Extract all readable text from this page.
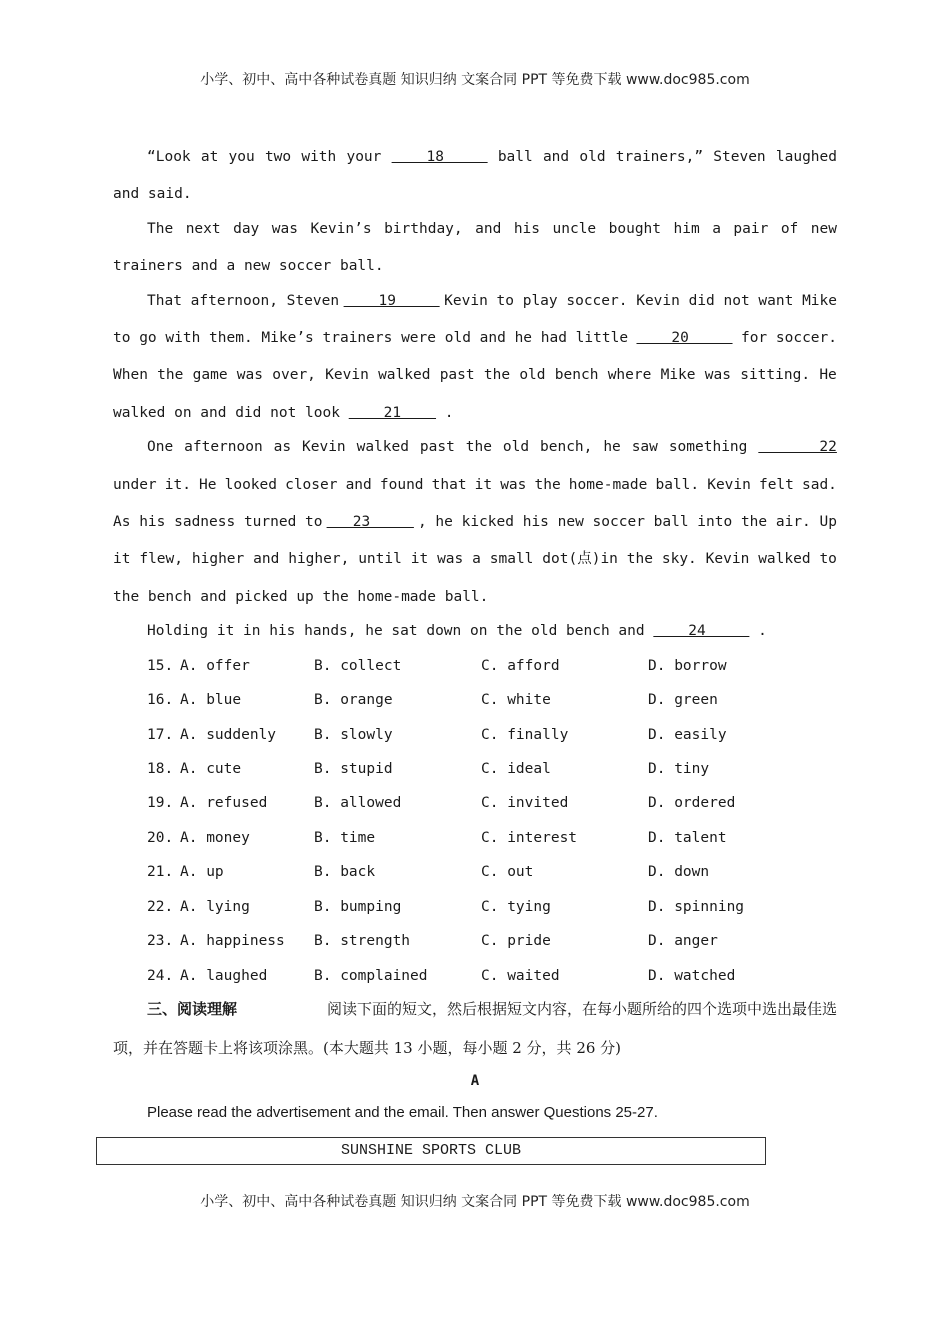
小学、初中、高中各种试卷真题 知识归纳 文案合同 PPT 等免费下载 www.doc985.com
“Look at you two with your 18 ball and old trainers,” Steven laughed
and said.
The next day was Kevin’s birthday, and his uncle bought him a pair of new
trainers and a new soccer ball.
That afternoon, Steven 19 Kevin to play soccer. Kevin did not want Mike
to go with them. Mike’s trainers were old and he had little 20 for soccer.
When the game was over, Kevin walked past the old bench where Mike was sitting. He
walked on and did not look     21     .
One afternoon as Kevin walked past the old bench, he saw something 22
under it. He looked closer and found that it was the home-made ball. Kevin felt sad.
As his sadness turned to 23 , he kicked his new soccer ball into the air. Up
it flew, higher and higher, until it was a small dot(点)in the sky. Kevin walked to
the bench and picked up the home-made ball.
Holding it in his hands, he sat down on the old bench and     24      .
15. A. offer	B. collect	C. afford	D. borrow
16. A. blue	B. orange	C. white	D. green
17. A. suddenly	B. slowly	C. finally	D. easily
18. A. cute	B. stupid	C. ideal	D. tiny
19. A. refused	B. allowed	C. invited	D. ordered
20. A. money	B. time	C. interest	D. talent
21. A. up	B. back	C. out	D. down
22. A. lying	B. bumping	C. tying	D. spinning
23. A. happiness B. strength	C. pride	D. anger
24. A. laughed	B. complained	C. waited	D. watched
三、阅读理解	阅读下面的短文，然后根据短文内容，在每小题所给的四个选项中选出最佳选
项，并在答题卡上将该项涂黑。(本大题共 13 小题，每小题 2 分，共 26 分)
A
Please read the advertisement and the email. Then answer Questions 25-27.
SUNSHINE SPORTS CLUB
小学、初中、高中各种试卷真题 知识归纳 文案合同 PPT 等免费下载 www.doc985.com
